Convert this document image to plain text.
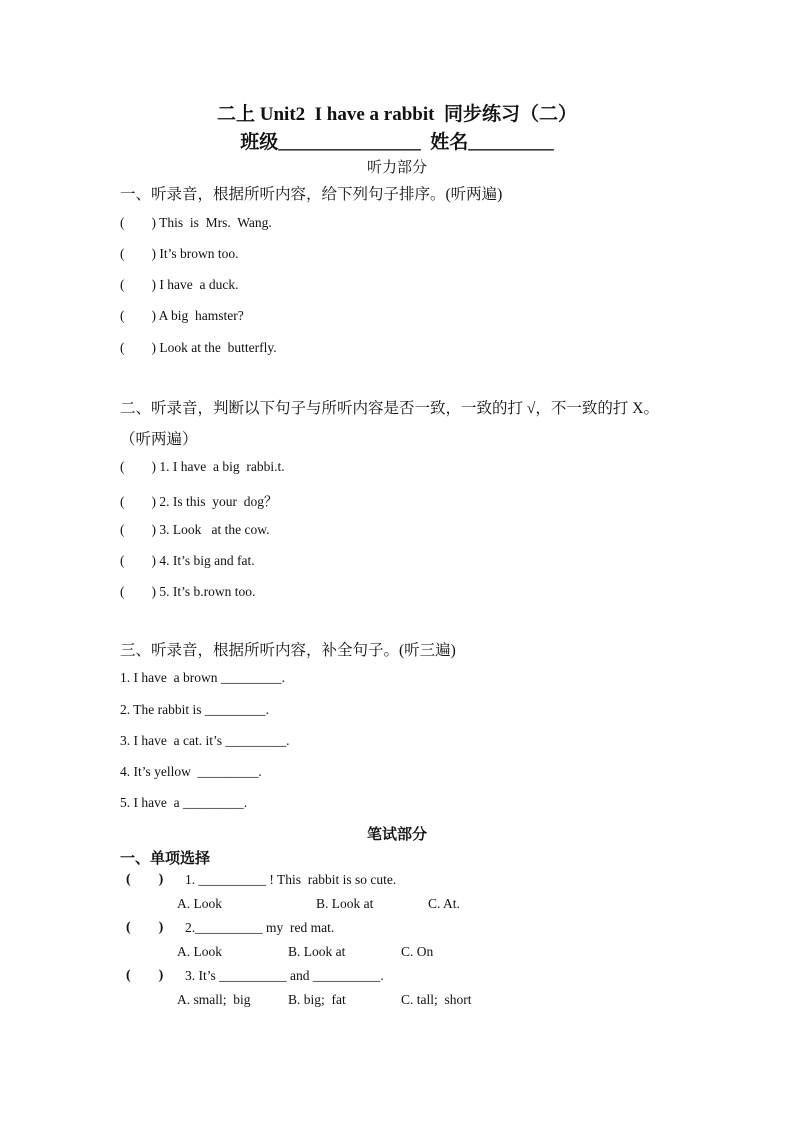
二上 Unit2  I have a rabbit  同步练习（二）
班级_______________  姓名_________
听力部分
一、听录音，根据所听内容，给下列句子排序。(听两遍)
(        ) This  is  Mrs.  Wang.
(        ) It’s brown too.
(        ) I have  a duck.
(        ) A big  hamster?
(        ) Look at the  butterfly.
二、听录音，判断以下句子与所听内容是否一致，一致的打 √，不一致的打 X。
（听两遍）
(        ) 1. I have  a big  rabbi.t.
(        ) 2. Is this  your  dog？
(        ) 3. Look   at the cow.
(        ) 4. It’s big and fat.
(        ) 5. It’s b.rown too.
三、听录音，根据所听内容，补全句子。(听三遍)
1. I have  a brown _________.
2. The rabbit is _________.
3. I have  a cat. it’s _________.
4. It’s yellow  _________.
5. I have  a _________.
笔试部分
一、单项选择
(        ) 1. __________ ! This  rabbit is so cute.
A. Look	B. Look at	C. At.
(        ) 2.__________ my  red mat.
A. Look	B. Look at	C. On
(        ) 3. It’s __________ and __________.
A. small;  big	B. big;  fat	C. tall;  short
